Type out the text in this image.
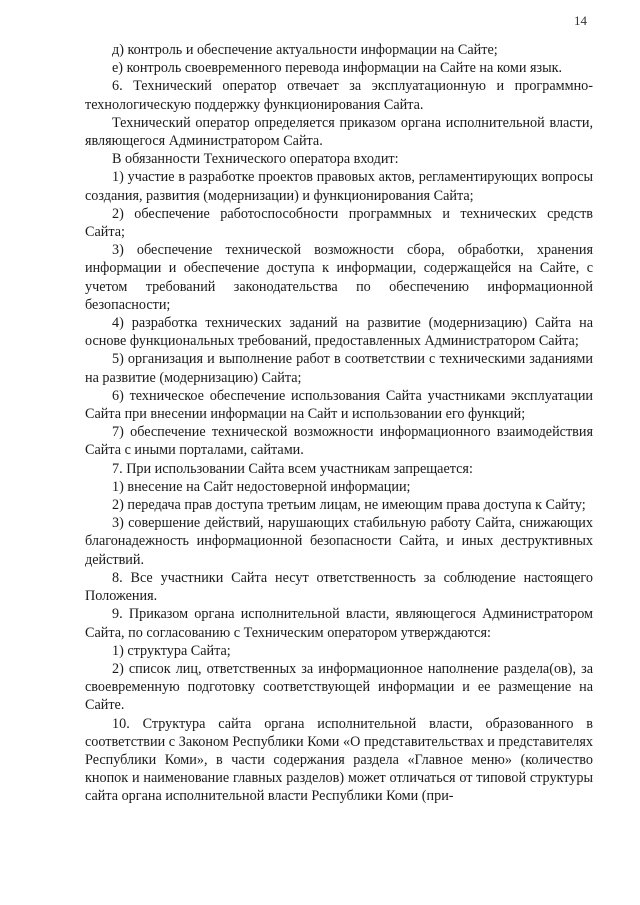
14

д) контроль и обеспечение актуальности информации на Сайте;

е) контроль своевременного перевода информации на Сайте на коми язык.

6. Технический оператор отвечает за эксплуатационную и программно-технологическую поддержку функционирования Сайта.

Технический оператор определяется приказом органа исполнительной власти, являющегося Администратором Сайта.

В обязанности Технического оператора входит:

1) участие в разработке проектов правовых актов, регламентирующих вопросы создания, развития (модернизации) и функционирования Сайта;

2) обеспечение работоспособности программных и технических средств Сайта;

3) обеспечение технической возможности сбора, обработки, хранения информации и обеспечение доступа к информации, содержащейся на Сайте, с учетом требований законодательства по обеспечению информационной безопасности;

4) разработка технических заданий на развитие (модернизацию) Сайта на основе функциональных требований, предоставленных Администратором Сайта;

5) организация и выполнение работ в соответствии с техническими заданиями на развитие (модернизацию) Сайта;

6) техническое обеспечение использования Сайта участниками эксплуатации Сайта при внесении информации на Сайт и использовании его функций;

7) обеспечение технической возможности информационного взаимодействия Сайта с иными порталами, сайтами.

7. При использовании Сайта всем участникам запрещается:

1) внесение на Сайт недостоверной информации;

2) передача прав доступа третьим лицам, не имеющим права доступа к Сайту;

3) совершение действий, нарушающих стабильную работу Сайта, снижающих благонадежность информационной безопасности Сайта, и иных деструктивных действий.

8. Все участники Сайта несут ответственность за соблюдение настоящего Положения.

9. Приказом органа исполнительной власти, являющегося Администратором Сайта, по согласованию с Техническим оператором утверждаются:

1) структура Сайта;

2) список лиц, ответственных за информационное наполнение раздела(ов), за своевременную подготовку соответствующей информации и ее размещение на Сайте.

10. Структура сайта органа исполнительной власти, образованного в соответствии с Законом Республики Коми «О представительствах и представителях Республики Коми», в части содержания раздела «Главное меню» (количество кнопок и наименование главных разделов) может отличаться от типовой структуры сайта органа исполнительной власти Республики Коми (при-
